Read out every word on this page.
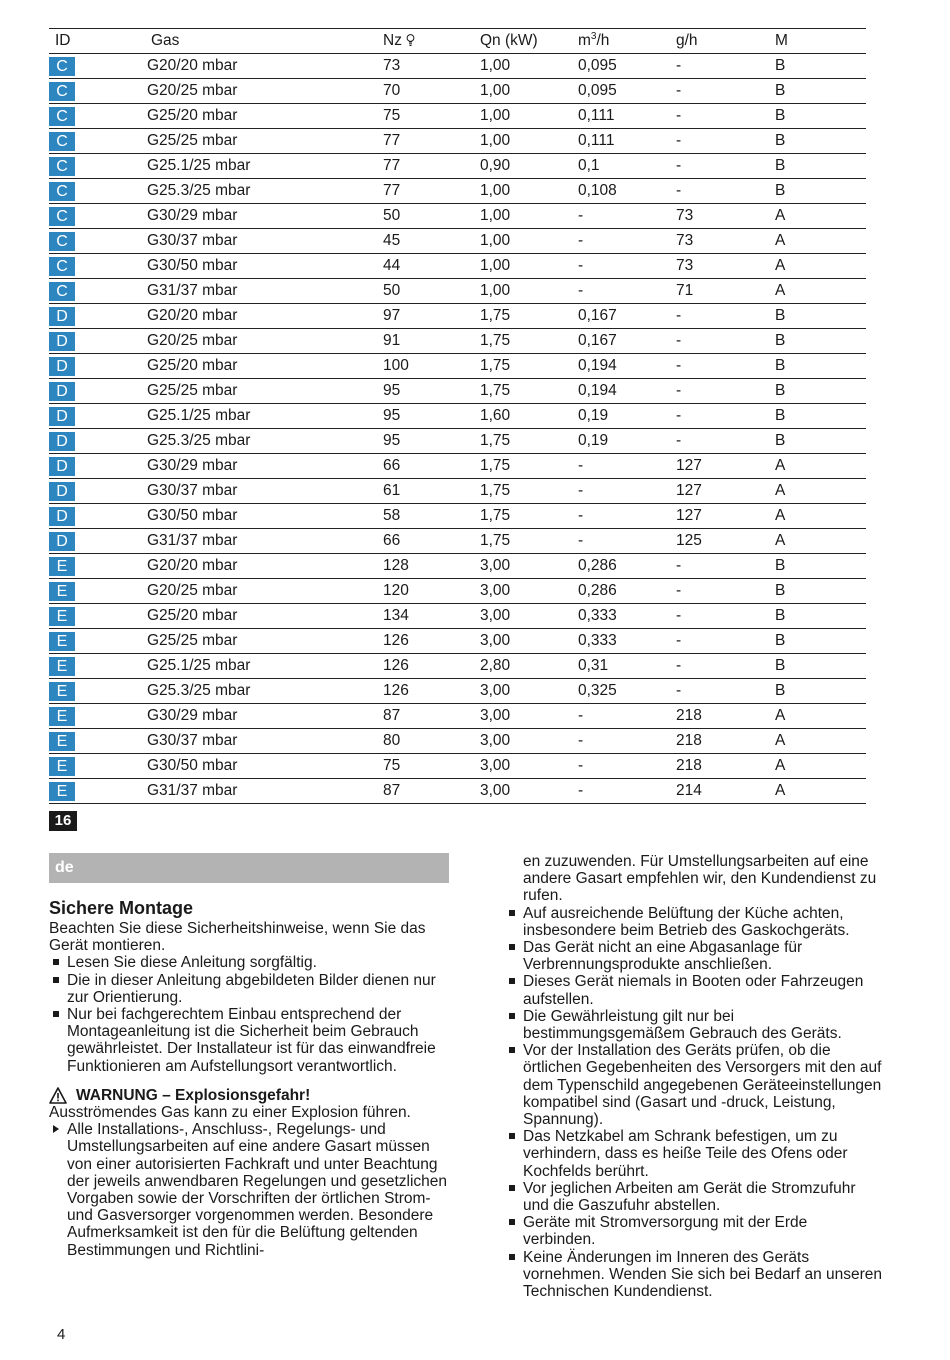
ID	Gas	Nz	Qn (kW)	$m^3/h$	g/h	M
C	G20/20 mbar	73	1,00	0,095	-	B
C	G20/25 mbar	70	1,00	0,095	-	B
C	G25/20 mbar	75	1,00	0,111	-	B
C	G25/25 mbar	77	1,00	0,111	-	B
C	G25.1/25 mbar	77	0,90	0,1	-	B
C	G25.3/25 mbar	77	1,00	0,108	-	B
C	G30/29 mbar	50	1,00	-	73	A
C	G30/37 mbar	45	1,00	-	73	A
C	G30/50 mbar	44	1,00	-	73	A
C	G31/37 mbar	50	1,00	-	71	A
D	G20/20 mbar	97	1,75	0,167	-	B
D	G20/25 mbar	91	1,75	0,167	-	B
D	G25/20 mbar	100	1,75	0,194	-	B
D	G25/25 mbar	95	1,75	0,194	-	B
D	G25.1/25 mbar	95	1,60	0,19	-	B
D	G25.3/25 mbar	95	1,75	0,19	-	B
D	G30/29 mbar	66	1,75	-	127	A
D	G30/37 mbar	61	1,75	-	127	A
D	G30/50 mbar	58	1,75	-	127	A
D	G31/37 mbar	66	1,75	-	125	A
E	G20/20 mbar	128	3,00	0,286	-	B
E	G20/25 mbar	120	3,00	0,286	-	B
E	G25/20 mbar	134	3,00	0,333	-	B
E	G25/25 mbar	126	3,00	0,333	-	B
E	G25.1/25 mbar	126	2,80	0,31	-	B
E	G25.3/25 mbar	126	3,00	0,325	-	B
E	G30/29 mbar	87	3,00	-	218	A
E	G30/37 mbar	80	3,00	-	218	A
E	G30/50 mbar	75	3,00	-	218	A
E	G31/37 mbar	87	3,00	-	214	A
16
de
Sichere Montage

Beachten Sie diese Sicherheitshinweise, wenn Sie das Gerät montieren.

Lesen Sie diese Anleitung sorgfältig.
Die in dieser Anleitung abgebildeten Bilder dienen nur zur Orientierung.
Nur bei fachgerechtem Einbau entsprechend der Montageanleitung ist die Sicherheit beim Gebrauch gewährleistet. Der Installateur ist für das einwandfreie Funktionieren am Aufstellungsort verantwortlich.
WARNUNG – Explosionsgefahr!

Ausströmendes Gas kann zu einer Explosion führen.

Alle Installations-, Anschluss-, Regelungs- und Umstellungsarbeiten auf eine andere Gasart müssen von einer autorisierten Fachkraft und unter Beachtung der jeweils anwendbaren Regelungen und gesetzlichen Vorgaben sowie der Vorschriften der örtlichen Strom- und Gasversorger vorgenommen werden. Besondere Aufmerksamkeit ist den für die Belüftung geltenden Bestimmungen und Richtlini-

en zuzuwenden. Für Umstellungsarbeiten auf eine andere Gasart empfehlen wir, den Kundendienst zu rufen.

Auf ausreichende Belüftung der Küche achten, insbesondere beim Betrieb des Gaskochgeräts.
Das Gerät nicht an eine Abgasanlage für Verbrennungsprodukte anschließen.
Dieses Gerät niemals in Booten oder Fahrzeugen aufstellen.
Die Gewährleistung gilt nur bei bestimmungsgemäßem Gebrauch des Geräts.
Vor der Installation des Geräts prüfen, ob die örtlichen Gegebenheiten des Versorgers mit den auf dem Typenschild angegebenen Geräteeinstellungen kompatibel sind (Gasart und -druck, Leistung, Spannung).
Das Netzkabel am Schrank befestigen, um zu verhindern, dass es heiße Teile des Ofens oder Kochfelds berührt.
Vor jeglichen Arbeiten am Gerät die Stromzufuhr und die Gaszufuhr abstellen.
Geräte mit Stromversorgung mit der Erde verbinden.
Keine Änderungen im Inneren des Geräts vornehmen. Wenden Sie sich bei Bedarf an unseren Technischen Kundendienst.
4
